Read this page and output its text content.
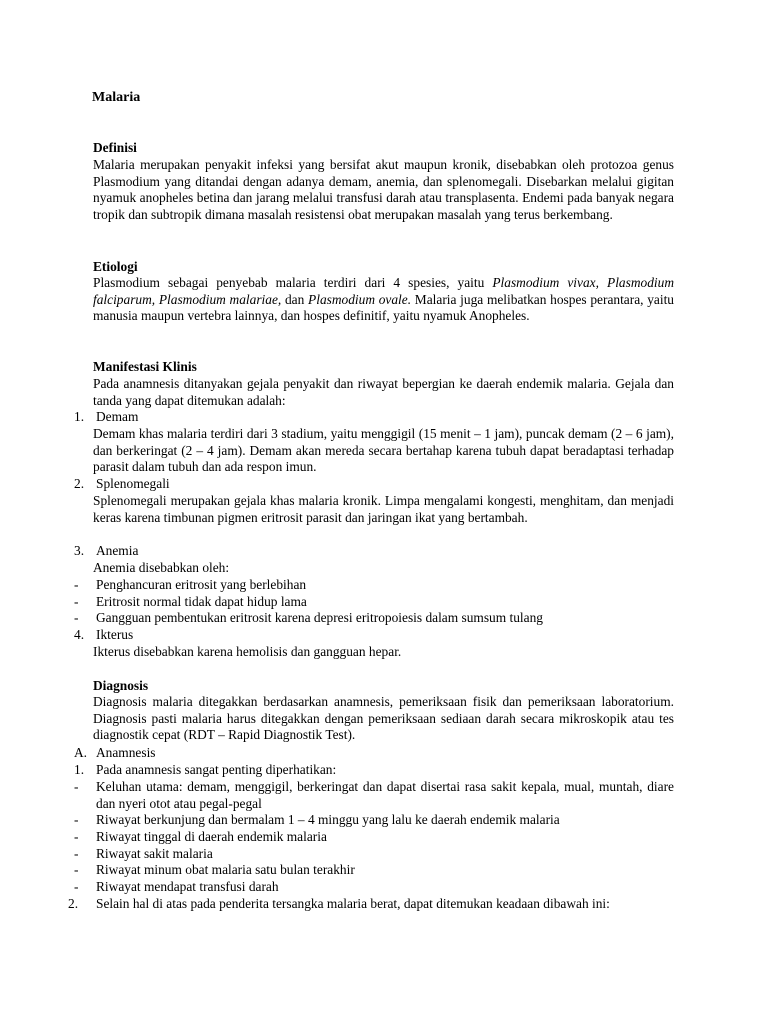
Malaria
Definisi
Malaria merupakan penyakit infeksi yang bersifat akut maupun kronik, disebabkan oleh protozoa genus Plasmodium yang ditandai dengan adanya demam, anemia, dan splenomegali. Disebarkan melalui gigitan nyamuk anopheles betina dan jarang melalui transfusi darah atau transplasenta. Endemi pada banyak negara tropik dan subtropik dimana masalah resistensi obat merupakan masalah yang terus berkembang.
Etiologi
Plasmodium sebagai penyebab malaria terdiri dari 4 spesies, yaitu Plasmodium vivax, Plasmodium falciparum, Plasmodium malariae, dan Plasmodium ovale. Malaria juga melibatkan hospes perantara, yaitu manusia maupun vertebra lainnya, dan hospes definitif, yaitu nyamuk Anopheles.
Manifestasi Klinis
Pada anamnesis ditanyakan gejala penyakit dan riwayat bepergian ke daerah endemik malaria. Gejala dan tanda yang dapat ditemukan adalah:
1. Demam
Demam khas malaria terdiri dari 3 stadium, yaitu menggigil (15 menit – 1 jam), puncak demam (2 – 6 jam), dan berkeringat (2 – 4 jam). Demam akan mereda secara bertahap karena tubuh dapat beradaptasi terhadap parasit dalam tubuh dan ada respon imun.
2. Splenomegali
Splenomegali merupakan gejala khas malaria kronik. Limpa mengalami kongesti, menghitam, dan menjadi keras karena timbunan pigmen eritrosit parasit dan jaringan ikat yang bertambah.
3. Anemia
Anemia disebabkan oleh:
- Penghancuran eritrosit yang berlebihan
- Eritrosit normal tidak dapat hidup lama
- Gangguan pembentukan eritrosit karena depresi eritropoiesis dalam sumsum tulang
4. Ikterus
Ikterus disebabkan karena hemolisis dan gangguan hepar.
Diagnosis
Diagnosis malaria ditegakkan berdasarkan anamnesis, pemeriksaan fisik dan pemeriksaan laboratorium. Diagnosis pasti malaria harus ditegakkan dengan pemeriksaan sediaan darah secara mikroskopik atau tes diagnostik cepat (RDT – Rapid Diagnostik Test).
A. Anamnesis
1. Pada anamnesis sangat penting diperhatikan:
- Keluhan utama: demam, menggigil, berkeringat dan dapat disertai rasa sakit kepala, mual, muntah, diare dan nyeri otot atau pegal-pegal
- Riwayat berkunjung dan bermalam 1 – 4 minggu yang lalu ke daerah endemik malaria
- Riwayat tinggal di daerah endemik malaria
- Riwayat sakit malaria
- Riwayat minum obat malaria satu bulan terakhir
- Riwayat mendapat transfusi darah
2. Selain hal di atas pada penderita tersangka malaria berat, dapat ditemukan keadaan dibawah ini:
